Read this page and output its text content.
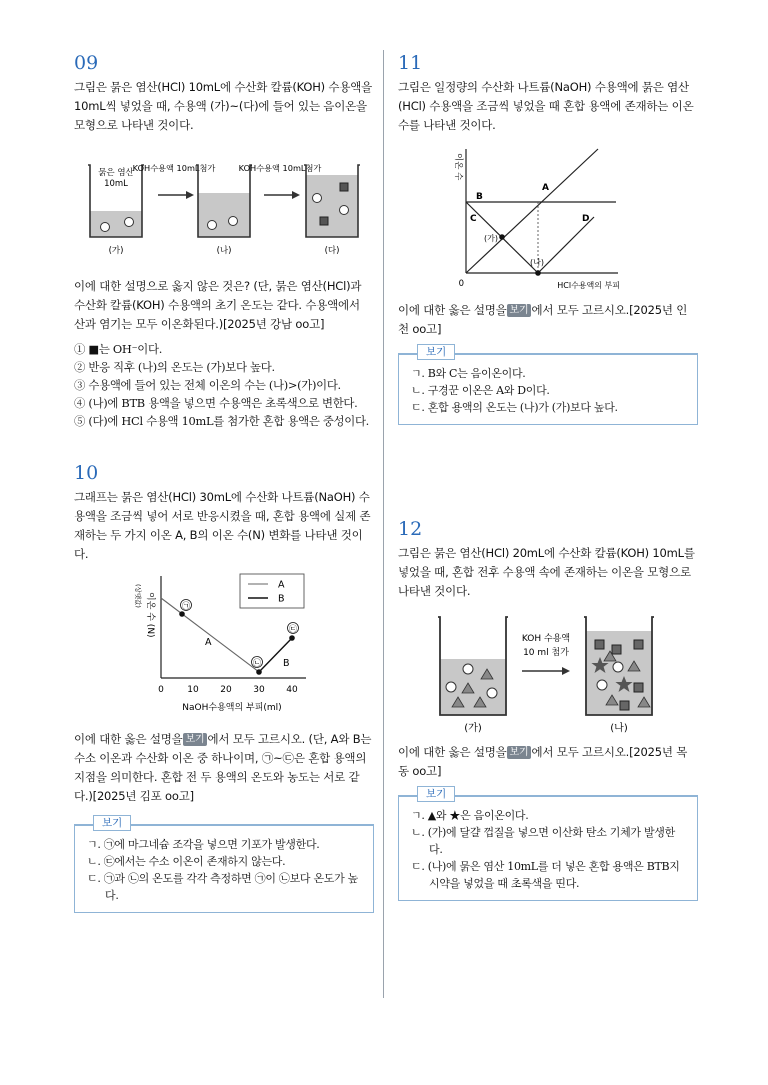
09

그림은 묽은 염산(HCl) 10mL에 수산화 칼륨(KOH) 수용액을 10mL씩 넣었을 때, 수용액 (가)~(다)에 들어 있는 음이온을 모형으로 나타낸 것이다.

묽은 염산
10mL
(가)
KOH수용액 10mL첨가
(나)
KOH수용액 10mL첨가
(다)

이에 대한 설명으로 옳지 않은 것은? (단, 묽은 염산(HCl)과 수산화 칼륨(KOH) 수용액의 초기 온도는 같다. 수용액에서 산과 염기는 모두 이온화된다.)[2025년 강남 oo고]

① ■는 OH⁻이다.
② 반응 직후 (나)의 온도는 (가)보다 높다.
③ 수용액에 들어 있는 전체 이온의 수는 (나)>(가)이다.
④ (나)에 BTB 용액을 넣으면 수용액은 초록색으로 변한다.
⑤ (다)에 HCl 수용액 10mL를 첨가한 혼합 용액은 중성이다.
10

그래프는 묽은 염산(HCl) 30mL에 수산화 나트륨(NaOH) 수용액을 조금씩 넣어 서로 반응시켰을 때, 혼합 용액에 실제 존재하는 두 가지 이온 A, B의 이온 수(N) 변화를 나타낸 것이다.

이온 수 (N)
(상댓값)
0	10 20 30 40
NaOH수용액의 부피(ml)
㉠
㉡
㉢
A
B
A
B

이에 대한 옳은 설명을 보기 에서 모두 고르시오. (단, A와 B는 수소 이온과 수산화 이온 중 하나이며, ㉠~㉢은 혼합 용액의 지점을 의미한다. 혼합 전 두 용액의 온도와 농도는 서로 같다.)[2025년 김포 oo고]

보기
ㄱ. ㉠에 마그네슘 조각을 넣으면 기포가 발생한다.
ㄴ. ㉢에서는 수소 이온이 존재하지 않는다.
ㄷ. ㉠과 ㉡의 온도를 각각 측정하면 ㉠이 ㉡보다 온도가 높다.
11

그림은 일정량의 수산화 나트륨(NaOH) 수용액에 묽은 염산(HCl) 수용액을 조금씩 넣었을 때 혼합 용액에 존재하는 이온 수를 나타낸 것이다.

이온 수
0	HCl수용액의 부피
B
C
A
D
(가)
(나)

이에 대한 옳은 설명을 보기 에서 모두 고르시오.[2025년 인천 oo고]

보기
ㄱ. B와 C는 음이온이다.
ㄴ. 구경꾼 이온은 A와 D이다.
ㄷ. 혼합 용액의 온도는 (나)가 (가)보다 높다.
12

그림은 묽은 염산(HCl) 20mL에 수산화 칼륨(KOH) 10mL를 넣었을 때, 혼합 전후 수용액 속에 존재하는 이온을 모형으로 나타낸 것이다.

(가)
KOH 수용액
10 ml 첨가
(나)

이에 대한 옳은 설명을 보기 에서 모두 고르시오.[2025년 목동 oo고]

보기
ㄱ. ▲와 ★은 음이온이다.
ㄴ. (가)에 달걀 껍질을 넣으면 이산화 탄소 기체가 발생한다.
ㄷ. (나)에 묽은 염산 10mL를 더 넣은 혼합 용액은 BTB지시약을 넣었을 때 초록색을 띤다.
